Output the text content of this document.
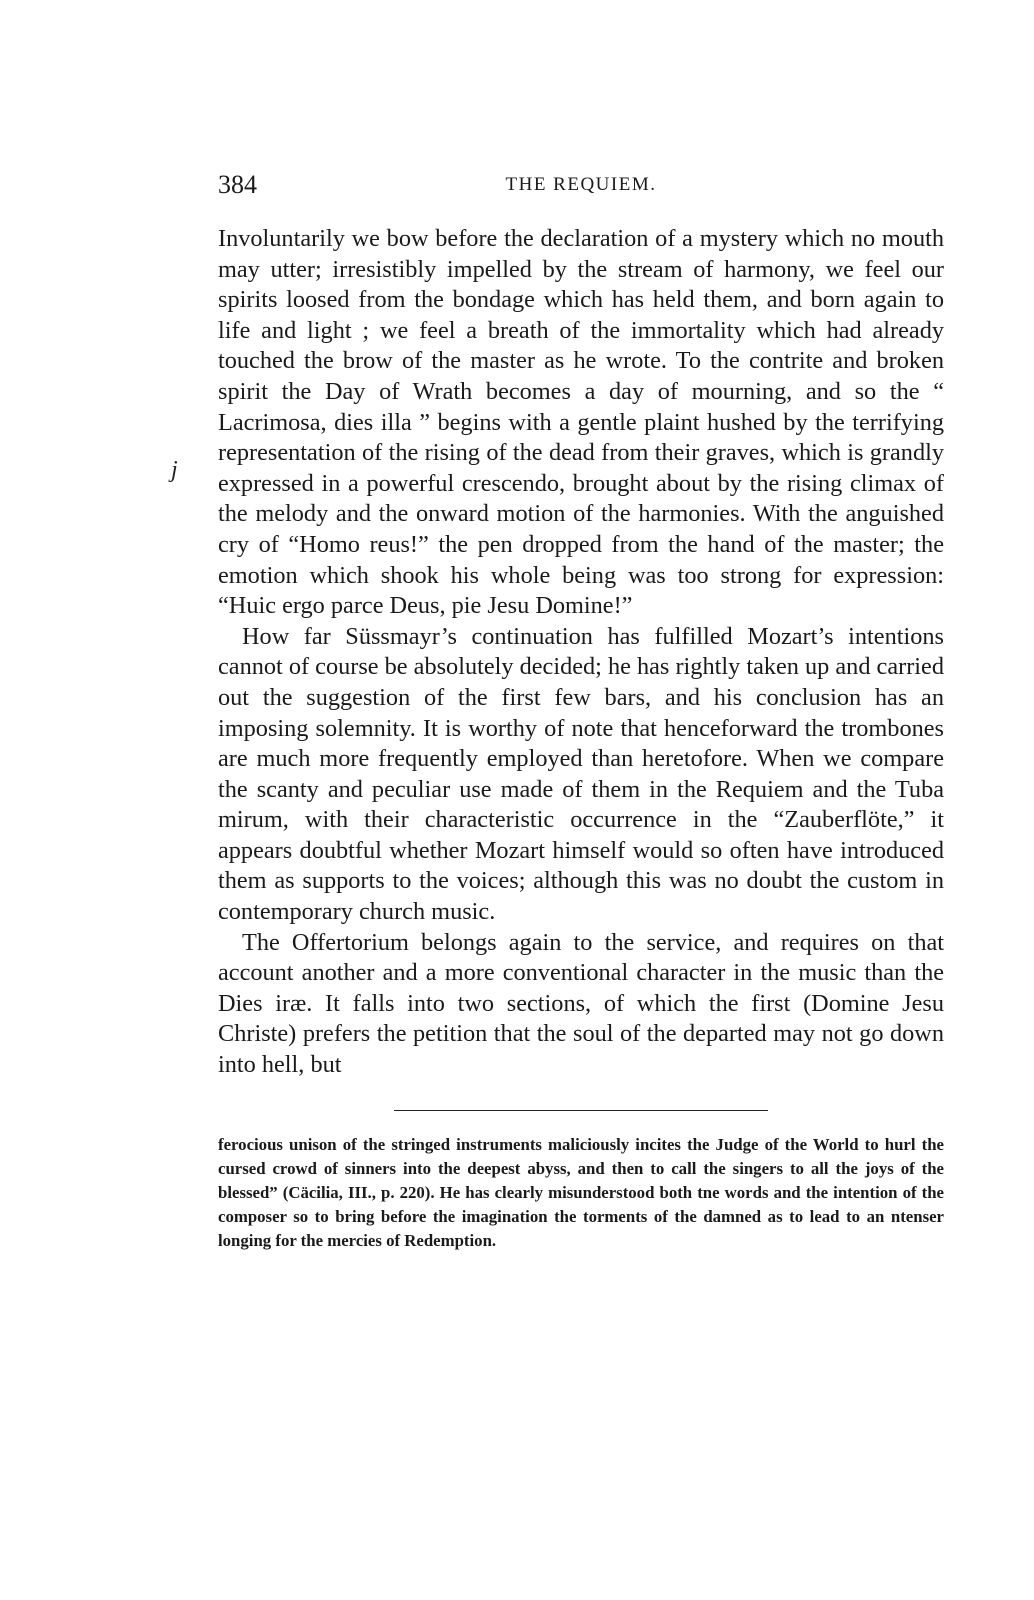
j
384	THE REQUIEM.

Involuntarily we bow before the declaration of a mystery which no mouth may utter; irresistibly impelled by the stream of harmony, we feel our spirits loosed from the bondage which has held them, and born again to life and light ; we feel a breath of the immortality which had already touched the brow of the master as he wrote. To the contrite and broken spirit the Day of Wrath becomes a day of mourning, and so the “ Lacrimosa, dies illa ” begins with a gentle plaint hushed by the terrifying representation of the rising of the dead from their graves, which is grandly expressed in a powerful crescendo, brought about by the rising climax of the melody and the onward motion of the harmonies. With the anguished cry of “Homo reus!” the pen dropped from the hand of the master; the emotion which shook his whole being was too strong for expression: “Huic ergo parce Deus, pie Jesu Domine!”

How far Süssmayr’s continuation has fulfilled Mozart’s intentions cannot of course be absolutely decided; he has rightly taken up and carried out the suggestion of the first few bars, and his conclusion has an imposing solemnity. It is worthy of note that henceforward the trombones are much more frequently employed than heretofore. When we compare the scanty and peculiar use made of them in the Requiem and the Tuba mirum, with their characteristic occurrence in the “Zauberflöte,” it appears doubtful whether Mozart himself would so often have introduced them as supports to the voices; although this was no doubt the custom in contemporary church music.

The Offertorium belongs again to the service, and requires on that account another and a more conventional character in the music than the Dies iræ. It falls into two sections, of which the first (Domine Jesu Christe) prefers the petition that the soul of the departed may not go down into hell, but

ferocious unison of the stringed instruments maliciously incites the Judge of the World to hurl the cursed crowd of sinners into the deepest abyss, and then to call the singers to all the joys of the blessed” (Cäcilia, III., p. 220). He has clearly misunderstood both tne words and the intention of the composer so to bring before the imagination the torments of the damned as to lead to an ntenser longing for the mercies of Redemption.
